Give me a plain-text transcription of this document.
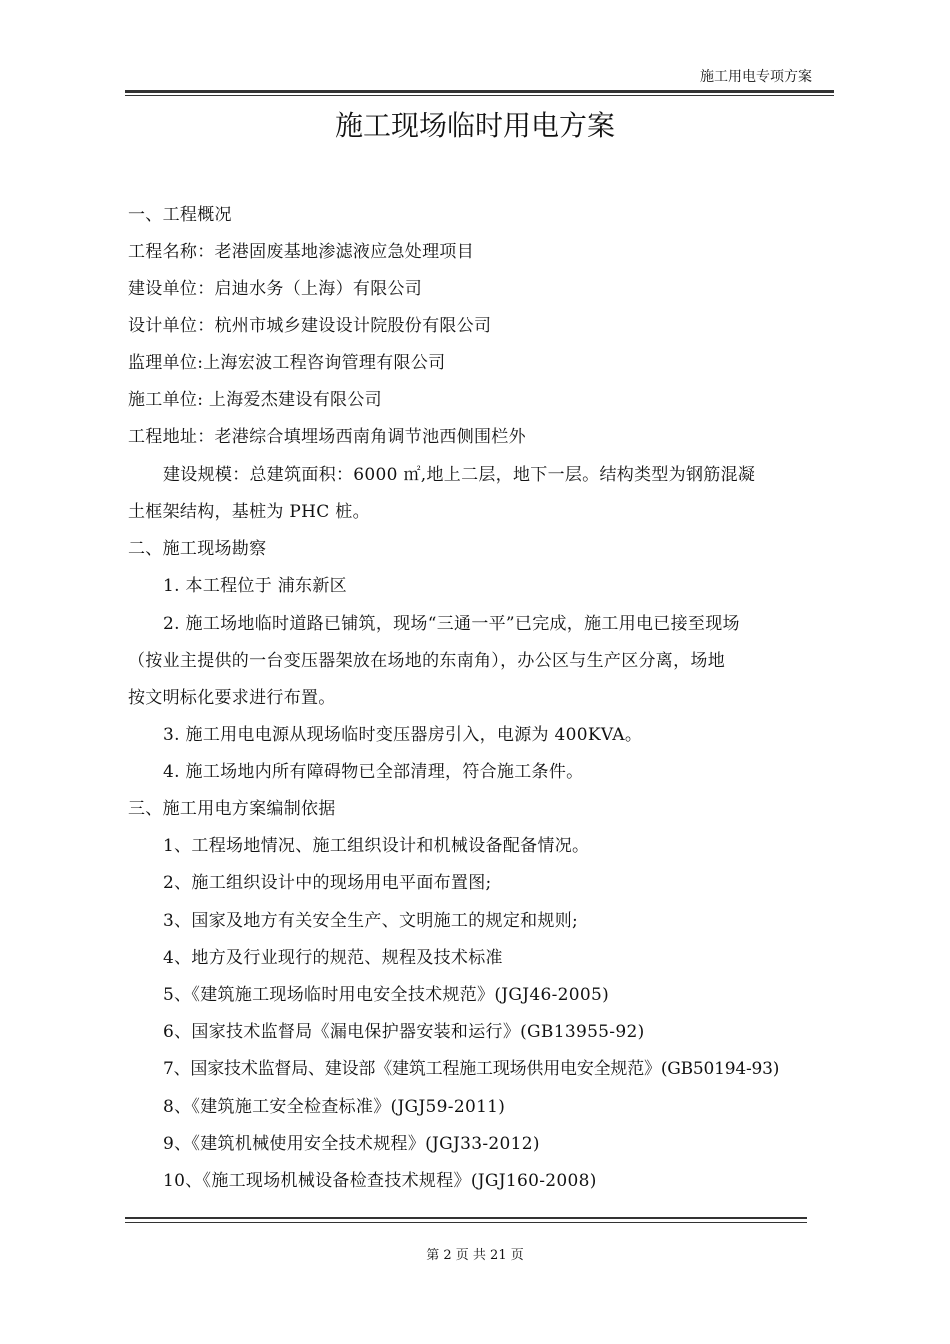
施工用电专项方案
施工现场临时用电方案
一、工程概况
工程名称：老港固废基地渗滤液应急处理项目
建设单位：启迪水务（上海）有限公司
设计单位：杭州市城乡建设设计院股份有限公司
监理单位:上海宏波工程咨询管理有限公司
施工单位: 上海爱杰建设有限公司
工程地址：老港综合填埋场西南角调节池西侧围栏外
建设规模：总建筑面积：6000 ㎡,地上二层，地下一层。结构类型为钢筋混凝
土框架结构，基桩为 PHC 桩。
二、施工现场勘察
1. 本工程位于 浦东新区
2. 施工场地临时道路已铺筑，现场“三通一平”已完成，施工用电已接至现场
（按业主提供的一台变压器架放在场地的东南角），办公区与生产区分离，场地
按文明标化要求进行布置。
3. 施工用电电源从现场临时变压器房引入，电源为 400KVA。
4. 施工场地内所有障碍物已全部清理，符合施工条件。
三、施工用电方案编制依据
1、工程场地情况、施工组织设计和机械设备配备情况。
2、施工组织设计中的现场用电平面布置图;
3、国家及地方有关安全生产、文明施工的规定和规则;
4、地方及行业现行的规范、规程及技术标准
5、《建筑施工现场临时用电安全技术规范》(JGJ46-2005)
6、国家技术监督局《漏电保护器安装和运行》(GB13955-92)
7、国家技术监督局、建设部《建筑工程施工现场供用电安全规范》(GB50194-93)
8、《建筑施工安全检查标准》(JGJ59-2011)
9、《建筑机械使用安全技术规程》(JGJ33-2012)
10、《施工现场机械设备检查技术规程》(JGJ160-2008)
第 2 页 共 21 页
